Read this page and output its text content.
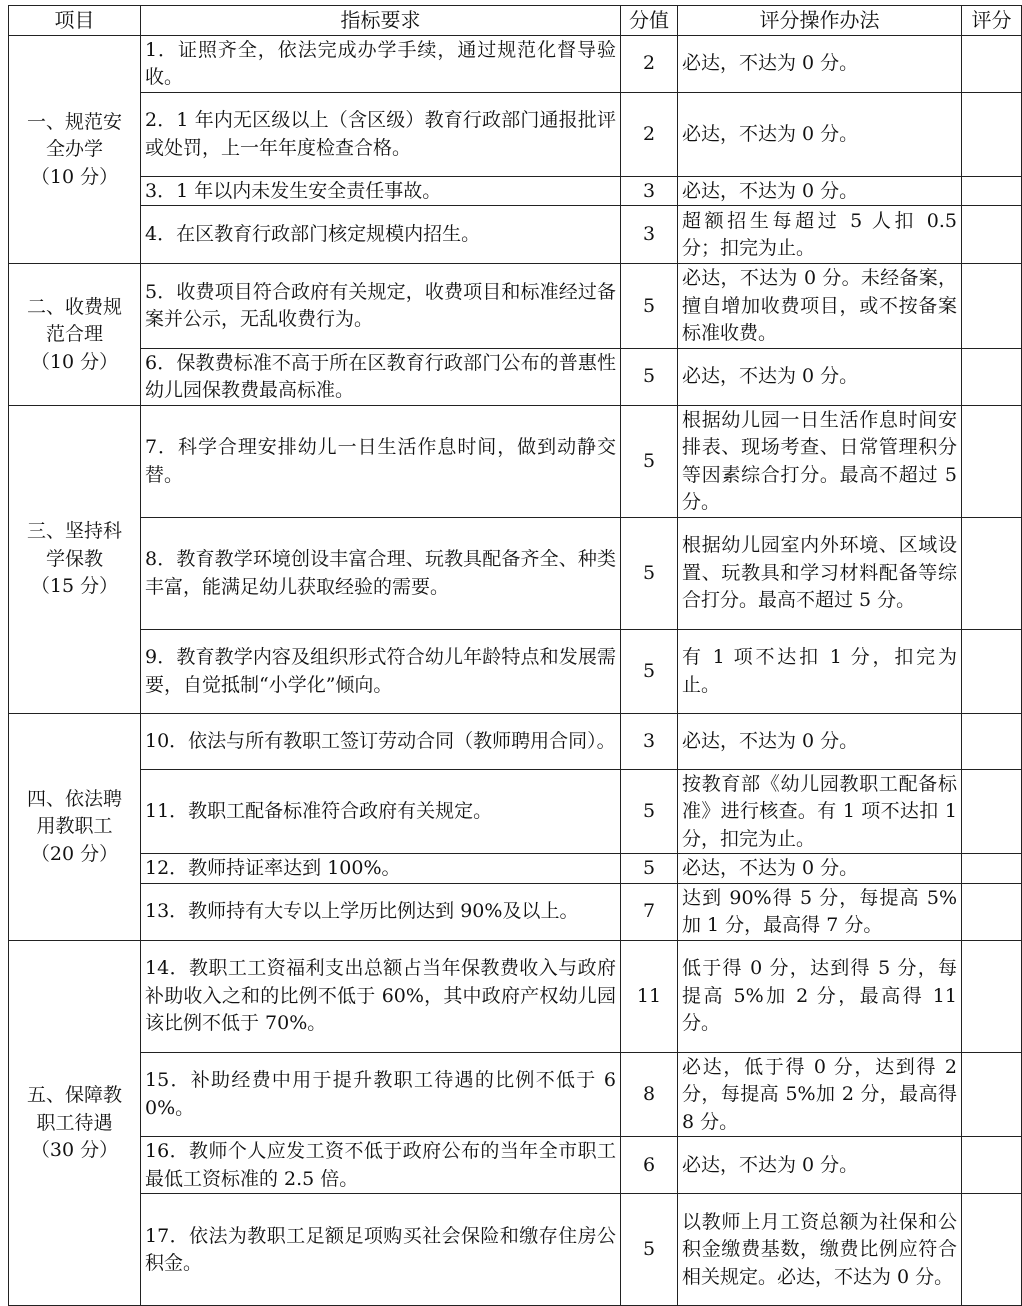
项目	指标要求	分值	评分操作办法	评分

一、规范安
全办学
（10 分）	1．证照齐全，依法完成办学手续，通过规范化督导验收。	2	必达，不达为 0 分。	
	2．1 年内无区级以上（含区级）教育行政部门通报批评或处罚，上一年年度检查合格。	2	必达，不达为 0 分。	
	3．1 年以内未发生安全责任事故。	3	必达，不达为 0 分。	
	4．在区教育行政部门核定规模内招生。	3	超额招生每超过 5 人扣 0.5 分；扣完为止。	

二、收费规
范合理
（10 分）	5．收费项目符合政府有关规定，收费项目和标准经过备案并公示，无乱收费行为。	5	必达，不达为 0 分。未经备案，擅自增加收费项目，或不按备案标准收费。	
	6．保教费标准不高于所在区教育行政部门公布的普惠性幼儿园保教费最高标准。	5	必达，不达为 0 分。	

三、坚持科
学保教
（15 分）	7．科学合理安排幼儿一日生活作息时间，做到动静交替。	5	根据幼儿园一日生活作息时间安排表、现场考查、日常管理积分等因素综合打分。最高不超过 5 分。	
	8．教育教学环境创设丰富合理、玩教具配备齐全、种类丰富，能满足幼儿获取经验的需要。	5	根据幼儿园室内外环境、区域设置、玩教具和学习材料配备等综合打分。最高不超过 5 分。	
	9．教育教学内容及组织形式符合幼儿年龄特点和发展需要，自觉抵制“小学化”倾向。	5	有 1 项不达扣 1 分，扣完为止。	

四、依法聘
用教职工
（20 分）	10．依法与所有教职工签订劳动合同（教师聘用合同）。	3	必达，不达为 0 分。	
	11．教职工配备标准符合政府有关规定。	5	按教育部《幼儿园教职工配备标准》进行核查。有 1 项不达扣 1 分，扣完为止。	
	12．教师持证率达到 100%。	5	必达，不达为 0 分。	
	13．教师持有大专以上学历比例达到 90%及以上。	7	达到 90%得 5 分，每提高 5%加 1 分，最高得 7 分。	

五、保障教
职工待遇
（30 分）	14．教职工工资福利支出总额占当年保教费收入与政府补助收入之和的比例不低于 60%，其中政府产权幼儿园该比例不低于 70%。	11	低于得 0 分，达到得 5 分，每提高 5%加 2 分，最高得 11 分。	
	15．补助经费中用于提升教职工待遇的比例不低于 60%。	8	必达，低于得 0 分，达到得 2 分，每提高 5%加 2 分，最高得 8 分。	
	16．教师个人应发工资不低于政府公布的当年全市职工最低工资标准的 2.5 倍。	6	必达，不达为 0 分。	
	17．依法为教职工足额足项购买社会保险和缴存住房公积金。	5	以教师上月工资总额为社保和公积金缴费基数，缴费比例应符合相关规定。必达，不达为 0 分。	
